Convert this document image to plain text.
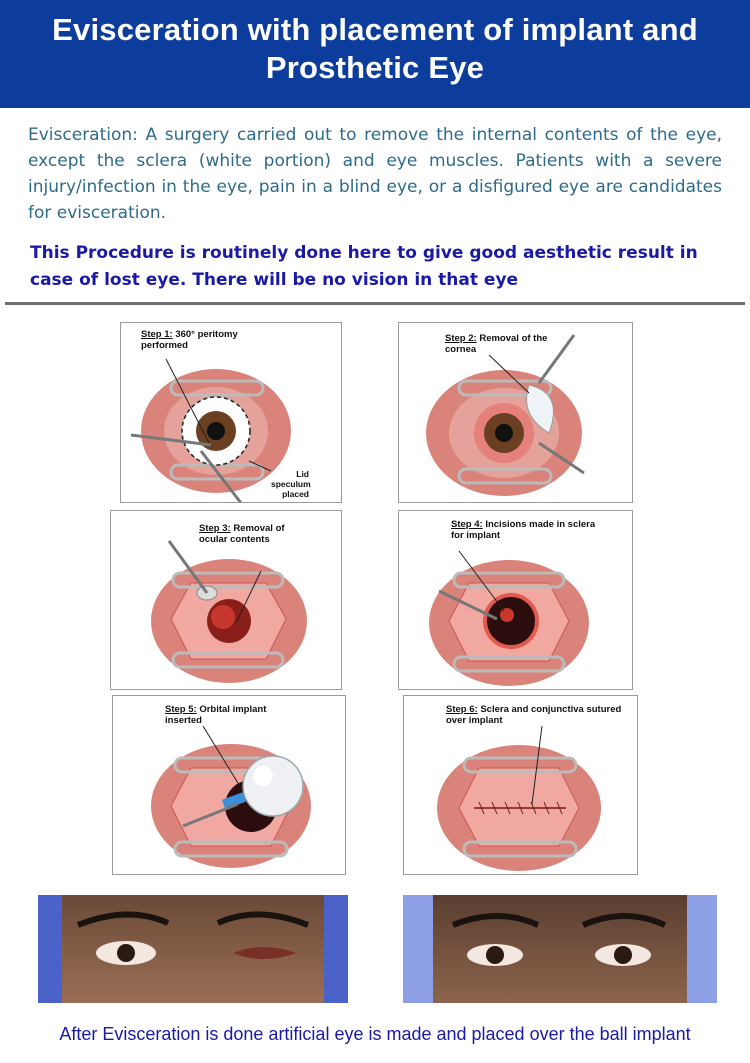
Evisceration with placement of implant and
Prosthetic Eye
Evisceration: A surgery carried out to remove the internal contents of the eye, except the sclera (white portion) and eye muscles. Patients with a severe injury/infection in the eye, pain in a blind eye, or a disfigured eye are candidates for evisceration.
This Procedure is routinely done here to give good aesthetic result in case of lost eye. There will be no vision in that eye
Step 1: 360° peritomy performed
Lid speculum placed
Step 2: Removal of the cornea
Step 3: Removal of ocular contents
Step 4: Incisions made in sclera for implant
Step 5: Orbital implant inserted
Step 6: Sclera and conjunctiva sutured over implant
After Evisceration is done artificial eye is made and placed over the ball implant
